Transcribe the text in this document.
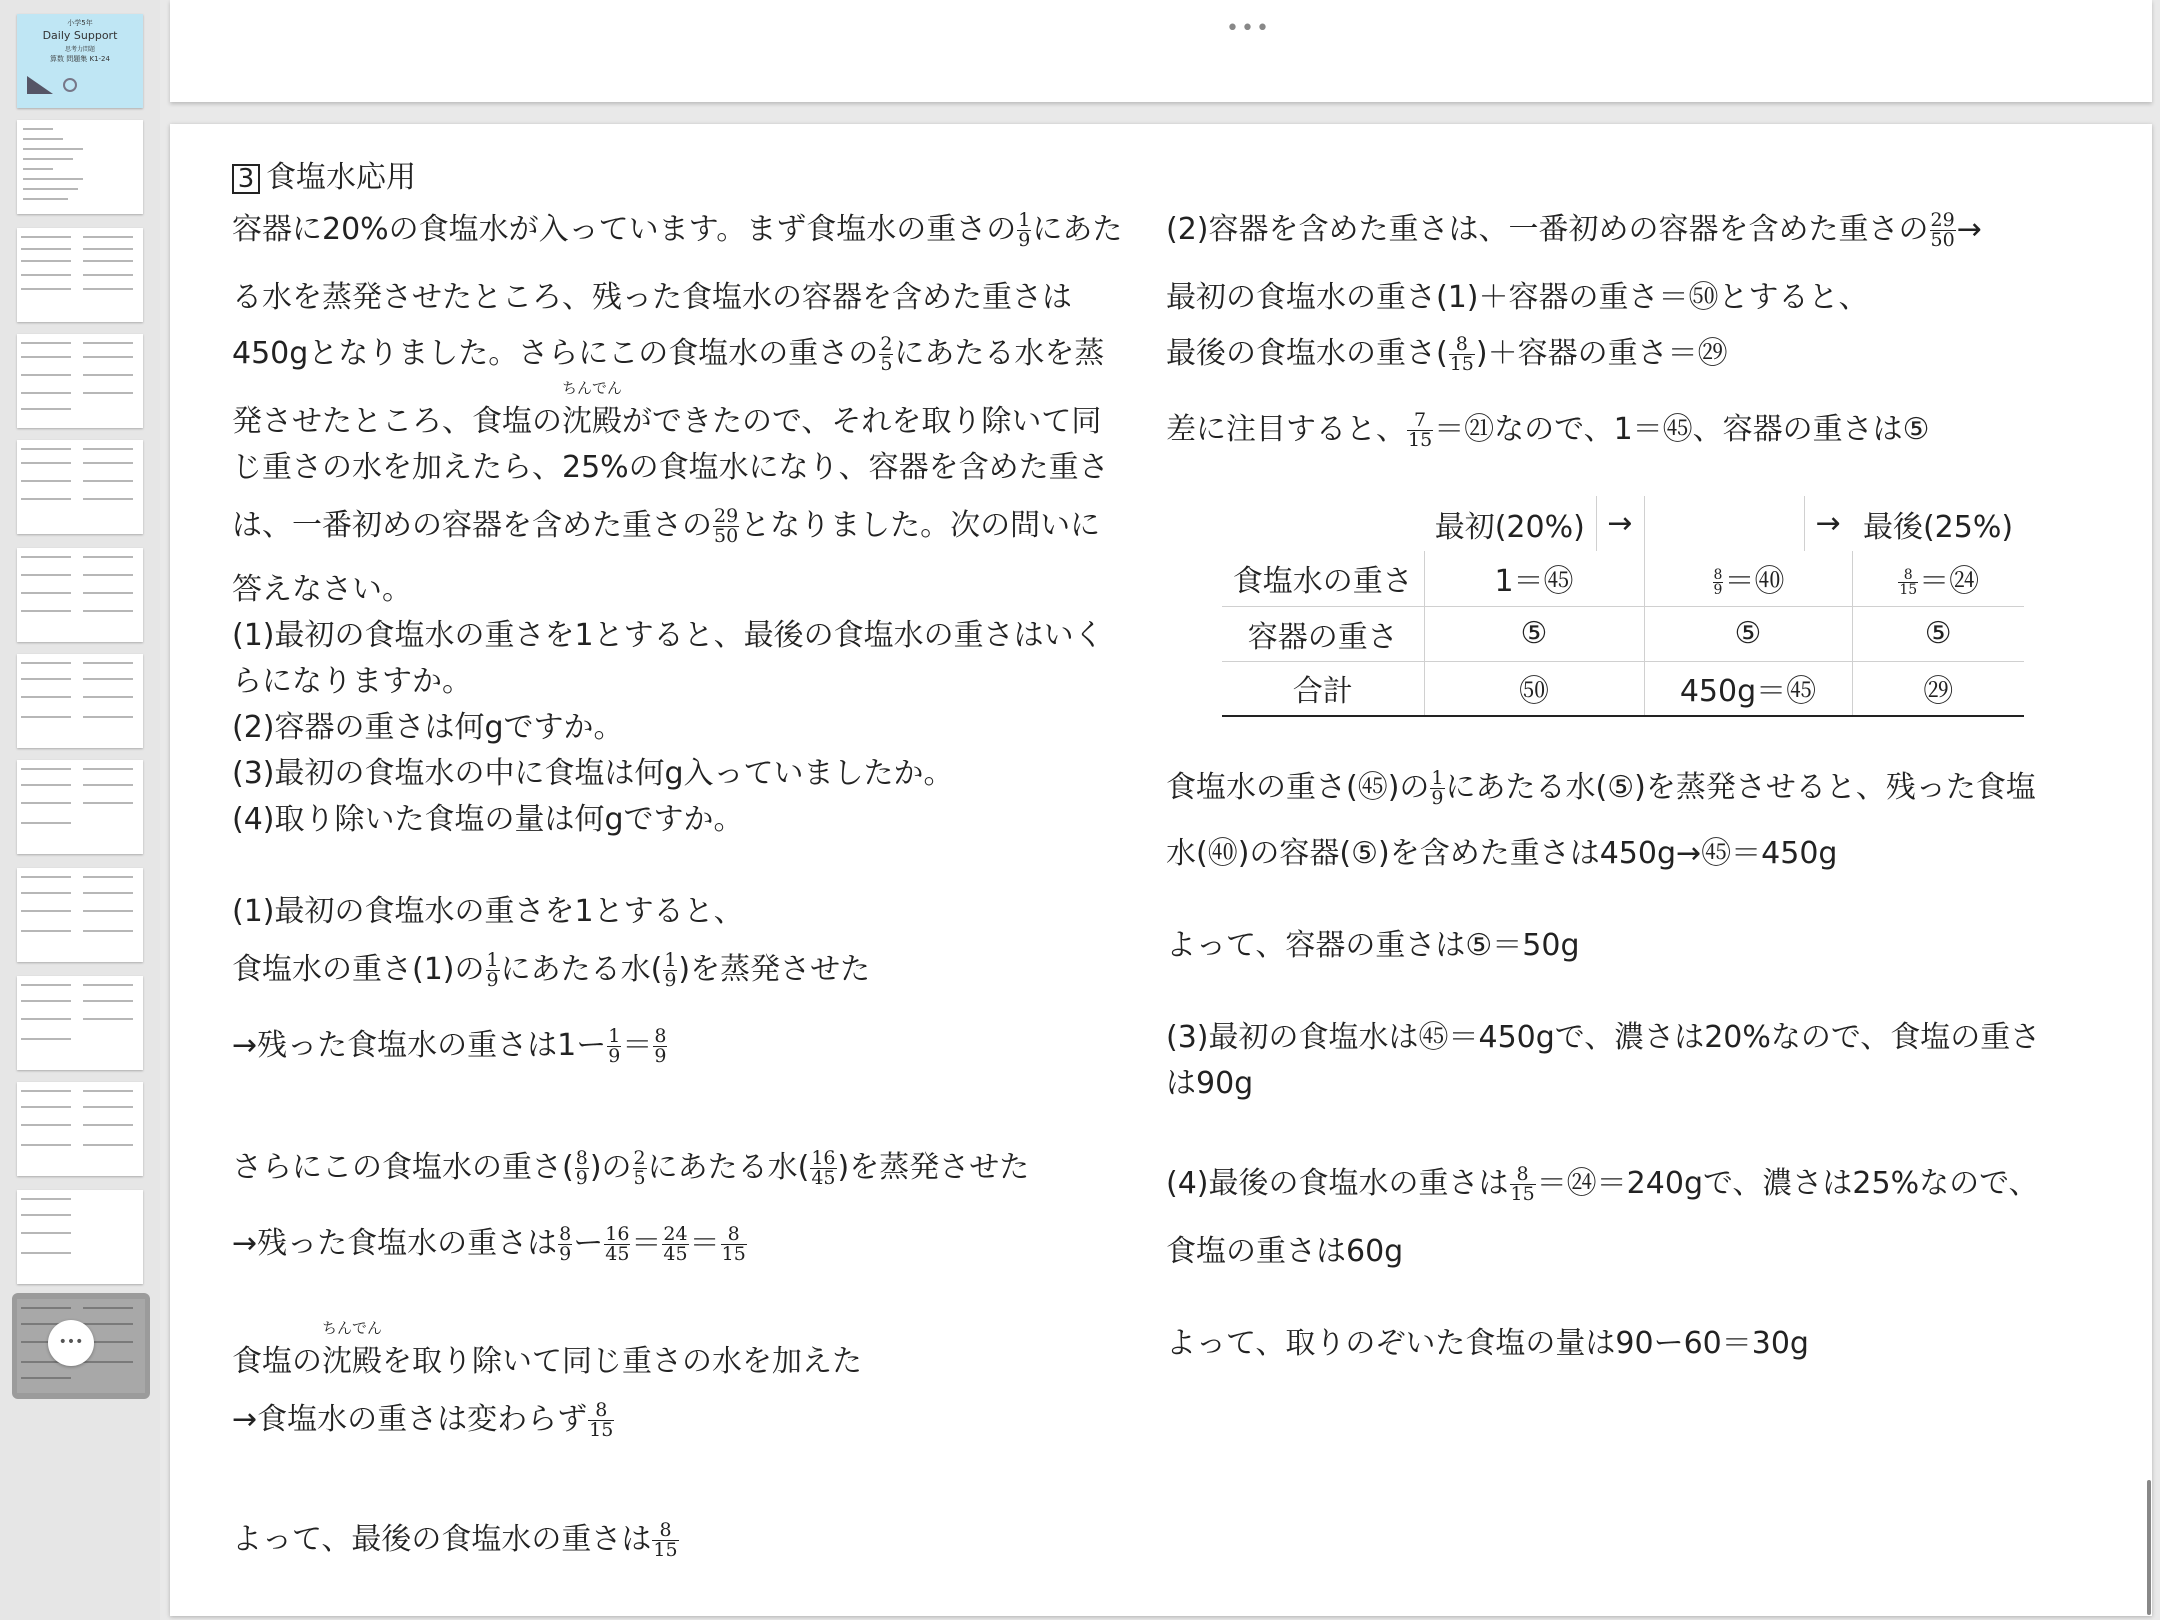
小学5年
Daily Support
思考力問題
算数 問題集 K1-24
•••
•••
3 食塩水応用
容器に20%の食塩水が入っています。まず食塩水の重さの $\frac{1}{9}$ にあた
る水を蒸発させたところ、残った食塩水の容器を含めた重さは
450gとなりました。さらにこの食塩水の重さの $\frac{2}{5}$ にあたる水を蒸
発させたところ、食塩の
ちんでん
沈殿ができたので、それを取り除いて同
じ重さの水を加えたら、25%の食塩水になり、容器を含めた重さ
は、一番初めの容器を含めた重さの $\frac{29}{50}$ となりました。次の問いに
答えなさい。
(1)最初の食塩水の重さを1とすると、最後の食塩水の重さはいく
らになりますか。
(2)容器の重さは何gですか。
(3)最初の食塩水の中に食塩は何g入っていましたか。
(4)取り除いた食塩の量は何gですか。
(1)最初の食塩水の重さを1とすると、
食塩水の重さ(1)の $\frac{1}{9}$ にあたる水( $\frac{1}{9}$ )を蒸発させた
→残った食塩水の重さは1ー $\frac{1}{9} = \frac{8}{9}$
さらにこの食塩水の重さ( $\frac{8}{9}$ )の $\frac{2}{5}$ にあたる水( $\frac{16}{45}$ )を蒸発させた
→残った食塩水の重さは $\frac{8}{9}$ ー $\frac{16}{45} = \frac{24}{45} = \frac{8}{15}$
食塩の
ちんでん
沈殿を取り除いて同じ重さの水を加えた
→食塩水の重さは変わらず $\frac{8}{15}$
よって、最後の食塩水の重さは $\frac{8}{15}$
(2)容器を含めた重さは、一番初めの容器を含めた重さの $\frac{29}{50}$ →
最初の食塩水の重さ(1)＋容器の重さ＝㊿とすると、
最後の食塩水の重さ( $\frac{8}{15}$ )＋容器の重さ＝㉙
差に注目すると、 $\frac{7}{15}$ ＝㉑なので、1＝㊺、容器の重さは⑤
	最初(20%)	→		→	最後(25%)
食塩水の重さ	1＝㊺		$\frac{8}{9}$ ＝㊵		$\frac{8}{15}$ ＝㉔
容器の重さ	⑤		⑤		⑤
合計	㊿		450g＝㊺		㉙
食塩水の重さ(㊺)の $\frac{1}{9}$ にあたる水(⑤)を蒸発させると、残った食塩
水(㊵)の容器(⑤)を含めた重さは450g→㊺＝450g
よって、容器の重さは⑤＝50g
(3)最初の食塩水は㊺＝450gで、濃さは20%なので、食塩の重さ
は90g
(4)最後の食塩水の重さは $\frac{8}{15}$ ＝㉔＝240gで、濃さは25%なので、
食塩の重さは60g
よって、取りのぞいた食塩の量は90ー60＝30g
